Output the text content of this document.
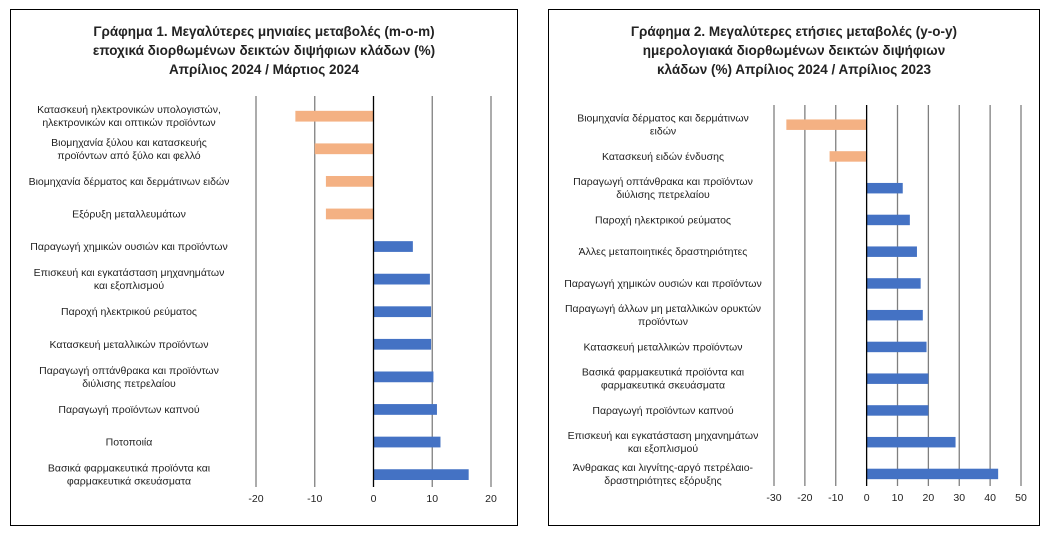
Γράφημα 1. Μεγαλύτερες μηνιαίες μεταβολές (m-o-m)
εποχικά διορθωμένων δεικτών διψήφιων κλάδων (%)
Απρίλιος 2024 / Μάρτιος 2024
Κατασκευή ηλεκτρονικών υπολογιστών,
ηλεκτρονικών και οπτικών προϊόντων
Βιομηχανία ξύλου και κατασκευής
προϊόντων από ξύλο και φελλό
Βιομηχανία δέρματος και δερμάτινων ειδών
Εξόρυξη μεταλλευμάτων
Παραγωγή χημικών ουσιών και προϊόντων
Επισκευή και εγκατάσταση μηχανημάτων
και εξοπλισμού
Παροχή ηλεκτρικού ρεύματος
Κατασκευή μεταλλικών προϊόντων
Παραγωγή οπτάνθρακα και προϊόντων
διύλισης πετρελαίου
Παραγωγή προϊόντων καπνού
Ποτοποιία
Βασικά φαρμακευτικά προϊόντα και
φαρμακευτικά σκευάσματα
-20	-10	0	10	20
Γράφημα 2. Μεγαλύτερες ετήσιες μεταβολές (y-o-y)
ημερολογιακά διορθωμένων δεικτών διψήφιων
κλάδων (%) Απρίλιος 2024 / Απρίλιος 2023
Βιομηχανία δέρματος και δερμάτινων
ειδών
Κατασκευή ειδών ένδυσης
Παραγωγή οπτάνθρακα και προϊόντων
διύλισης πετρελαίου
Παροχή ηλεκτρικού ρεύματος
Άλλες μεταποιητικές δραστηριότητες
Παραγωγή χημικών ουσιών και προϊόντων
Παραγωγή άλλων μη μεταλλικών ορυκτών
προϊόντων
Κατασκευή μεταλλικών προϊόντων
Βασικά φαρμακευτικά προϊόντα και
φαρμακευτικά σκευάσματα
Παραγωγή προϊόντων καπνού
Επισκευή και εγκατάσταση μηχανημάτων
και εξοπλισμού
Άνθρακας και λιγνίτης-αργό πετρέλαιο-
δραστηριότητες εξόρυξης
-30 -20 -10 0 10 20 30 40 50
